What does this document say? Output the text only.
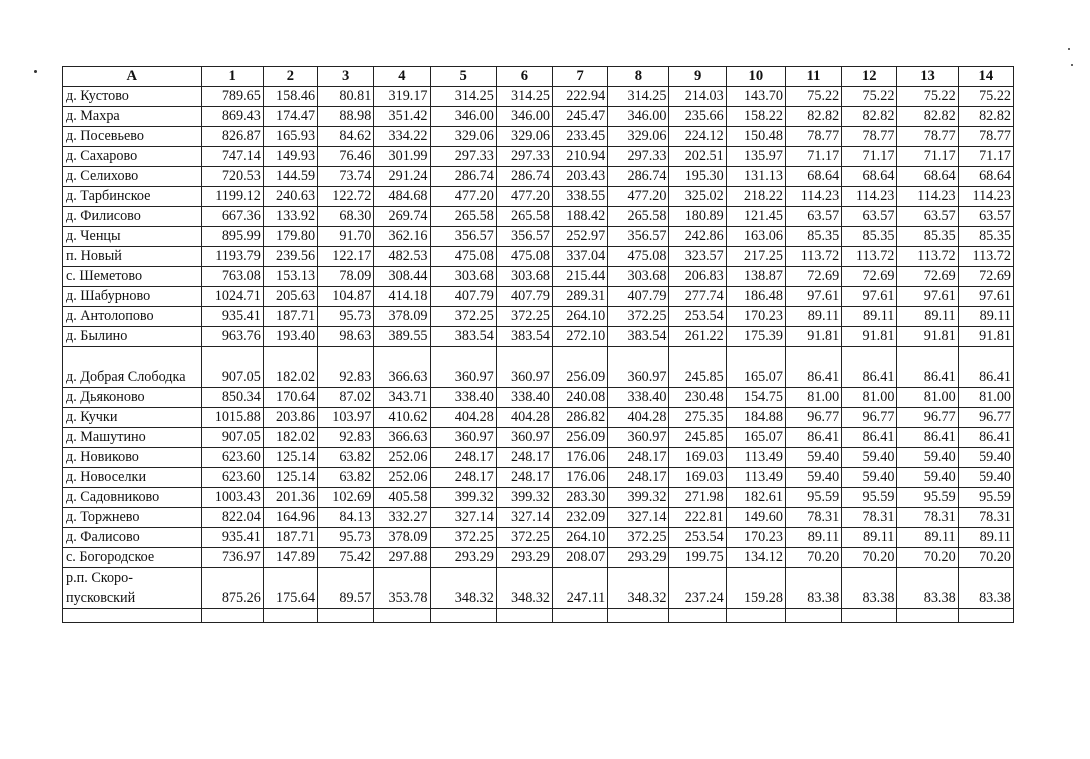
A	1	2	3	4	5	6	7	8	9	10	11	12	13	14
д. Кустово	789.65	158.46	80.81	319.17	314.25	314.25	222.94	314.25	214.03	143.70	75.22	75.22	75.22	75.22
д. Махра	869.43	174.47	88.98	351.42	346.00	346.00	245.47	346.00	235.66	158.22	82.82	82.82	82.82	82.82
д. Посевьево	826.87	165.93	84.62	334.22	329.06	329.06	233.45	329.06	224.12	150.48	78.77	78.77	78.77	78.77
д. Сахарово	747.14	149.93	76.46	301.99	297.33	297.33	210.94	297.33	202.51	135.97	71.17	71.17	71.17	71.17
д. Селихово	720.53	144.59	73.74	291.24	286.74	286.74	203.43	286.74	195.30	131.13	68.64	68.64	68.64	68.64
д. Тарбинское	1199.12	240.63	122.72	484.68	477.20	477.20	338.55	477.20	325.02	218.22	114.23	114.23	114.23	114.23
д. Филисово	667.36	133.92	68.30	269.74	265.58	265.58	188.42	265.58	180.89	121.45	63.57	63.57	63.57	63.57
д. Ченцы	895.99	179.80	91.70	362.16	356.57	356.57	252.97	356.57	242.86	163.06	85.35	85.35	85.35	85.35
п. Новый	1193.79	239.56	122.17	482.53	475.08	475.08	337.04	475.08	323.57	217.25	113.72	113.72	113.72	113.72
с. Шеметово	763.08	153.13	78.09	308.44	303.68	303.68	215.44	303.68	206.83	138.87	72.69	72.69	72.69	72.69
д. Шабурново	1024.71	205.63	104.87	414.18	407.79	407.79	289.31	407.79	277.74	186.48	97.61	97.61	97.61	97.61
д. Антолопово	935.41	187.71	95.73	378.09	372.25	372.25	264.10	372.25	253.54	170.23	89.11	89.11	89.11	89.11
д. Былино	963.76	193.40	98.63	389.55	383.54	383.54	272.10	383.54	261.22	175.39	91.81	91.81	91.81	91.81
д. Добрая Слободка	907.05	182.02	92.83	366.63	360.97	360.97	256.09	360.97	245.85	165.07	86.41	86.41	86.41	86.41
д. Дьяконово	850.34	170.64	87.02	343.71	338.40	338.40	240.08	338.40	230.48	154.75	81.00	81.00	81.00	81.00
д. Кучки	1015.88	203.86	103.97	410.62	404.28	404.28	286.82	404.28	275.35	184.88	96.77	96.77	96.77	96.77
д. Машутино	907.05	182.02	92.83	366.63	360.97	360.97	256.09	360.97	245.85	165.07	86.41	86.41	86.41	86.41
д. Новиково	623.60	125.14	63.82	252.06	248.17	248.17	176.06	248.17	169.03	113.49	59.40	59.40	59.40	59.40
д. Новоселки	623.60	125.14	63.82	252.06	248.17	248.17	176.06	248.17	169.03	113.49	59.40	59.40	59.40	59.40
д. Садовниково	1003.43	201.36	102.69	405.58	399.32	399.32	283.30	399.32	271.98	182.61	95.59	95.59	95.59	95.59
д. Торжнево	822.04	164.96	84.13	332.27	327.14	327.14	232.09	327.14	222.81	149.60	78.31	78.31	78.31	78.31
д. Фалисово	935.41	187.71	95.73	378.09	372.25	372.25	264.10	372.25	253.54	170.23	89.11	89.11	89.11	89.11
с. Богородское	736.97	147.89	75.42	297.88	293.29	293.29	208.07	293.29	199.75	134.12	70.20	70.20	70.20	70.20
р.п. Скоро-пусковский	875.26	175.64	89.57	353.78	348.32	348.32	247.11	348.32	237.24	159.28	83.38	83.38	83.38	83.38
